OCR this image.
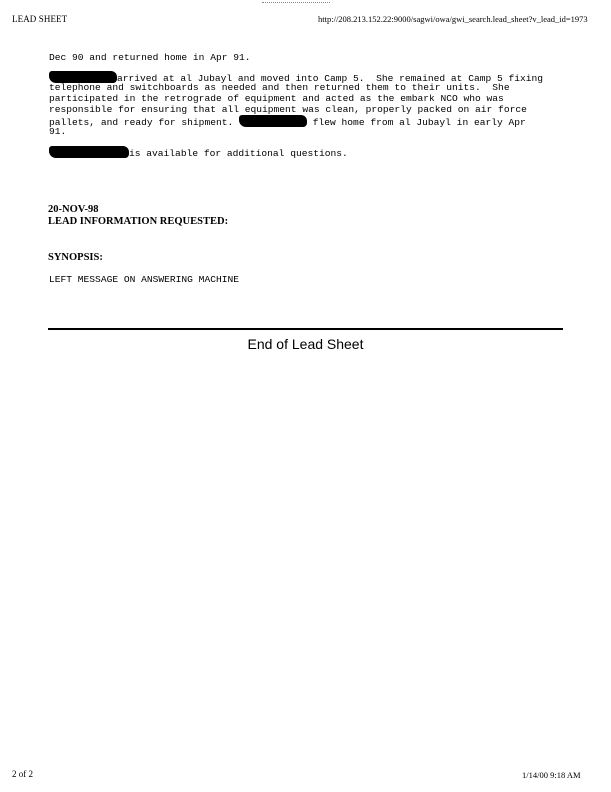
LEAD SHEET	http://208.213.152.22:9000/sagwi/owa/gwi_search.lead_sheet?v_lead_id=1973
Dec 90 and returned home in Apr 91.
arrived at al Jubayl and moved into Camp 5.  She remained at Camp 5 fixing
telephone and switchboards as needed and then returned them to their units.  She
participated in the retrograde of equipment and acted as the embark NCO who was
responsible for ensuring that all equipment was clean, properly packed on air force
pallets, and ready for shipment.	flew home from al Jubayl in early Apr
91.
is available for additional questions.
20-NOV-98
LEAD INFORMATION REQUESTED:
SYNOPSIS:
LEFT MESSAGE ON ANSWERING MACHINE
End of Lead Sheet
2 of 2	1/14/00 9:18 AM
